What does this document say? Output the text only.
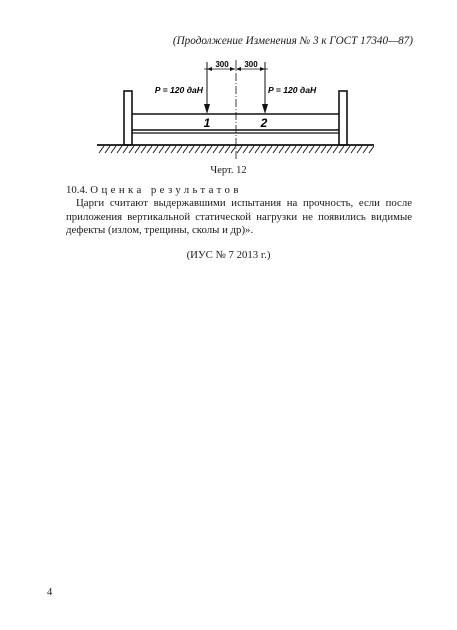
(Продолжение Изменения № 3 к ГОСТ 17340—87)
300 300
P = 120 даН	P = 120 даН
1	2
Черт. 12
10.4. Оценка результатов
Царги считают выдержавшими испытания на прочность, если после приложения вертикальной статической нагрузки не появились видимые дефекты (излом, трещины, сколы и др)».
(ИУС № 7 2013 г.)
4
